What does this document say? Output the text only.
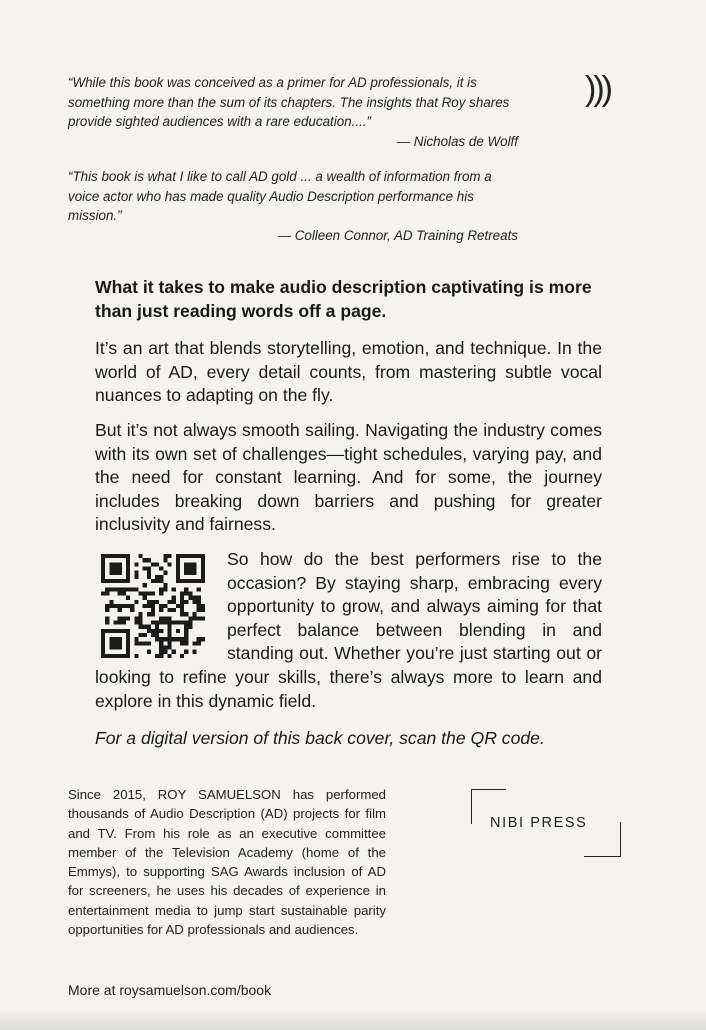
“While this book was conceived as a primer for AD professionals, it is something more than the sum of its chapters. The insights that Roy shares provide sighted audiences with a rare education....”
— Nicholas de Wolff
)))
“This book is what I like to call AD gold ... a wealth of information from a voice actor who has made quality Audio Description performance his mission.”
— Colleen Connor, AD Training Retreats

What it takes to make audio description captivating is more than just reading words off a page.

It’s an art that blends storytelling, emotion, and technique. In the world of AD, every detail counts, from mastering subtle vocal nuances to adapting on the fly.

But it’s not always smooth sailing. Navigating the industry comes with its own set of challenges—tight schedules, varying pay, and the need for constant learning. And for some, the journey includes breaking down barriers and pushing for greater inclusivity and fairness.

So how do the best performers rise to the occasion? By staying sharp, embracing every opportunity to grow, and always aiming for that perfect balance between blending in and standing out. Whether you’re just starting out or looking to refine your skills, there’s always more to learn and explore in this dynamic field.

For a digital version of this back cover, scan the QR code.
Since 2015, ROY SAMUELSON has performed thousands of Audio Description (AD) projects for film and TV. From his role as an executive committee member of the Television Academy (home of the Emmys), to supporting SAG Awards inclusion of AD for screeners, he uses his decades of experience in entertainment media to jump start sustainable parity opportunities for AD professionals and audiences.
More at roysamuelson.com/book
NIBI PRESS
